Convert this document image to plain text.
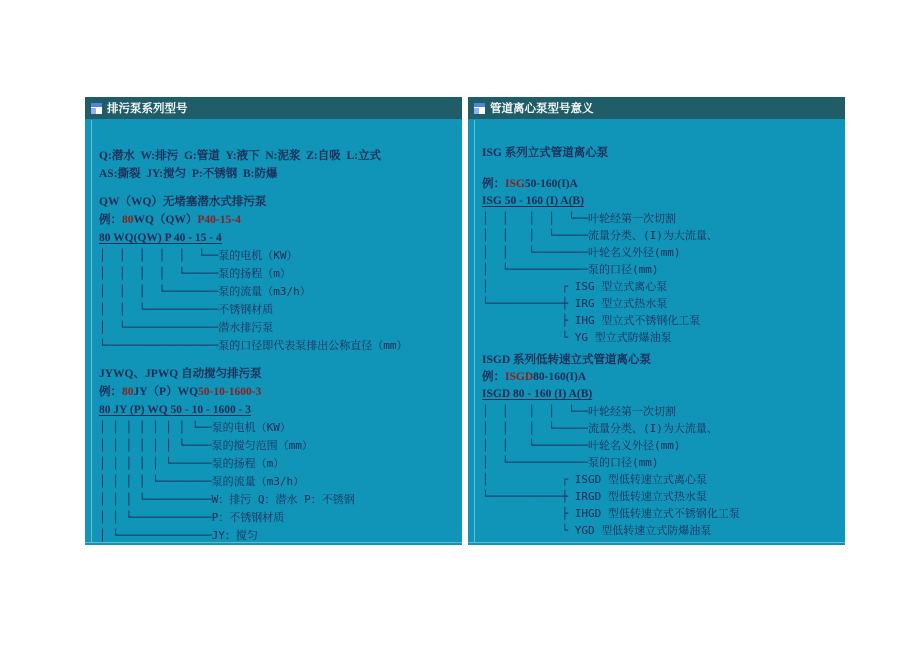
排污泵系列型号
Q:潜水  W:排污  G:管道  Y:液下  N:泥浆  Z:自吸  L:立式
AS:撕裂  JY:搅匀  P:不锈钢  B:防爆
QW（WQ）无堵塞潜水式排污泵
例：80WQ（QW）P40-15-4
80 WQ(QW) P 40 - 15 - 4
│  │  │  │  │  └──泵的电机（KW）
│  │  │  │  └─────泵的扬程（m）
│  │  │  └────────泵的流量（m3/h）
│  │  └───────────不锈钢材质
│  └──────────────潜水排污泵
└─────────────────泵的口径即代表泵排出公称直径（mm）
JYWQ、JPWQ 自动搅匀排污泵
例：80JY（P）WQ50-10-1600-3
80 JY (P) WQ 50 - 10 - 1600 - 3
│ │ │ │ │ │ │ └──泵的电机（KW）
│ │ │ │ │ │ └────泵的搅匀范围（mm）
│ │ │ │ │ └──────泵的扬程（m）
│ │ │ │ └────────泵的流量（m3/h）
│ │ │ └──────────W：排污 Q：潜水 P：不锈钢
│ │ └────────────P：不锈钢材质
│ └──────────────JY：搅匀
管道离心泵型号意义
ISG 系列立式管道离心泵
例：ISG50-160(I)A
ISG 50 - 160 (I) A(B)
│  │   │  │  └──叶轮经第一次切割
│  │   │  └─────流量分类、(I)为大流量、
│  │   └────────叶轮名义外径(mm)
│  └────────────泵的口径(mm)
│           ┌ ISG 型立式离心泵
└───────────┼ IRG 型立式热水泵
├ IHG 型立式不锈钢化工泵
└ YG 型立式防爆油泵
ISGD 系列低转速立式管道离心泵
例：ISGD80-160(I)A
ISGD 80 - 160 (I) A(B)
│  │   │  │  └──叶轮经第一次切割
│  │   │  └─────流量分类、(I)为大流量、
│  │   └────────叶轮名义外径(mm)
│  └────────────泵的口径(mm)
│           ┌ ISGD 型低转速立式离心泵
└───────────┼ IRGD 型低转速立式热水泵
├ IHGD 型低转速立式不锈钢化工泵
└ YGD 型低转速立式防爆油泵
